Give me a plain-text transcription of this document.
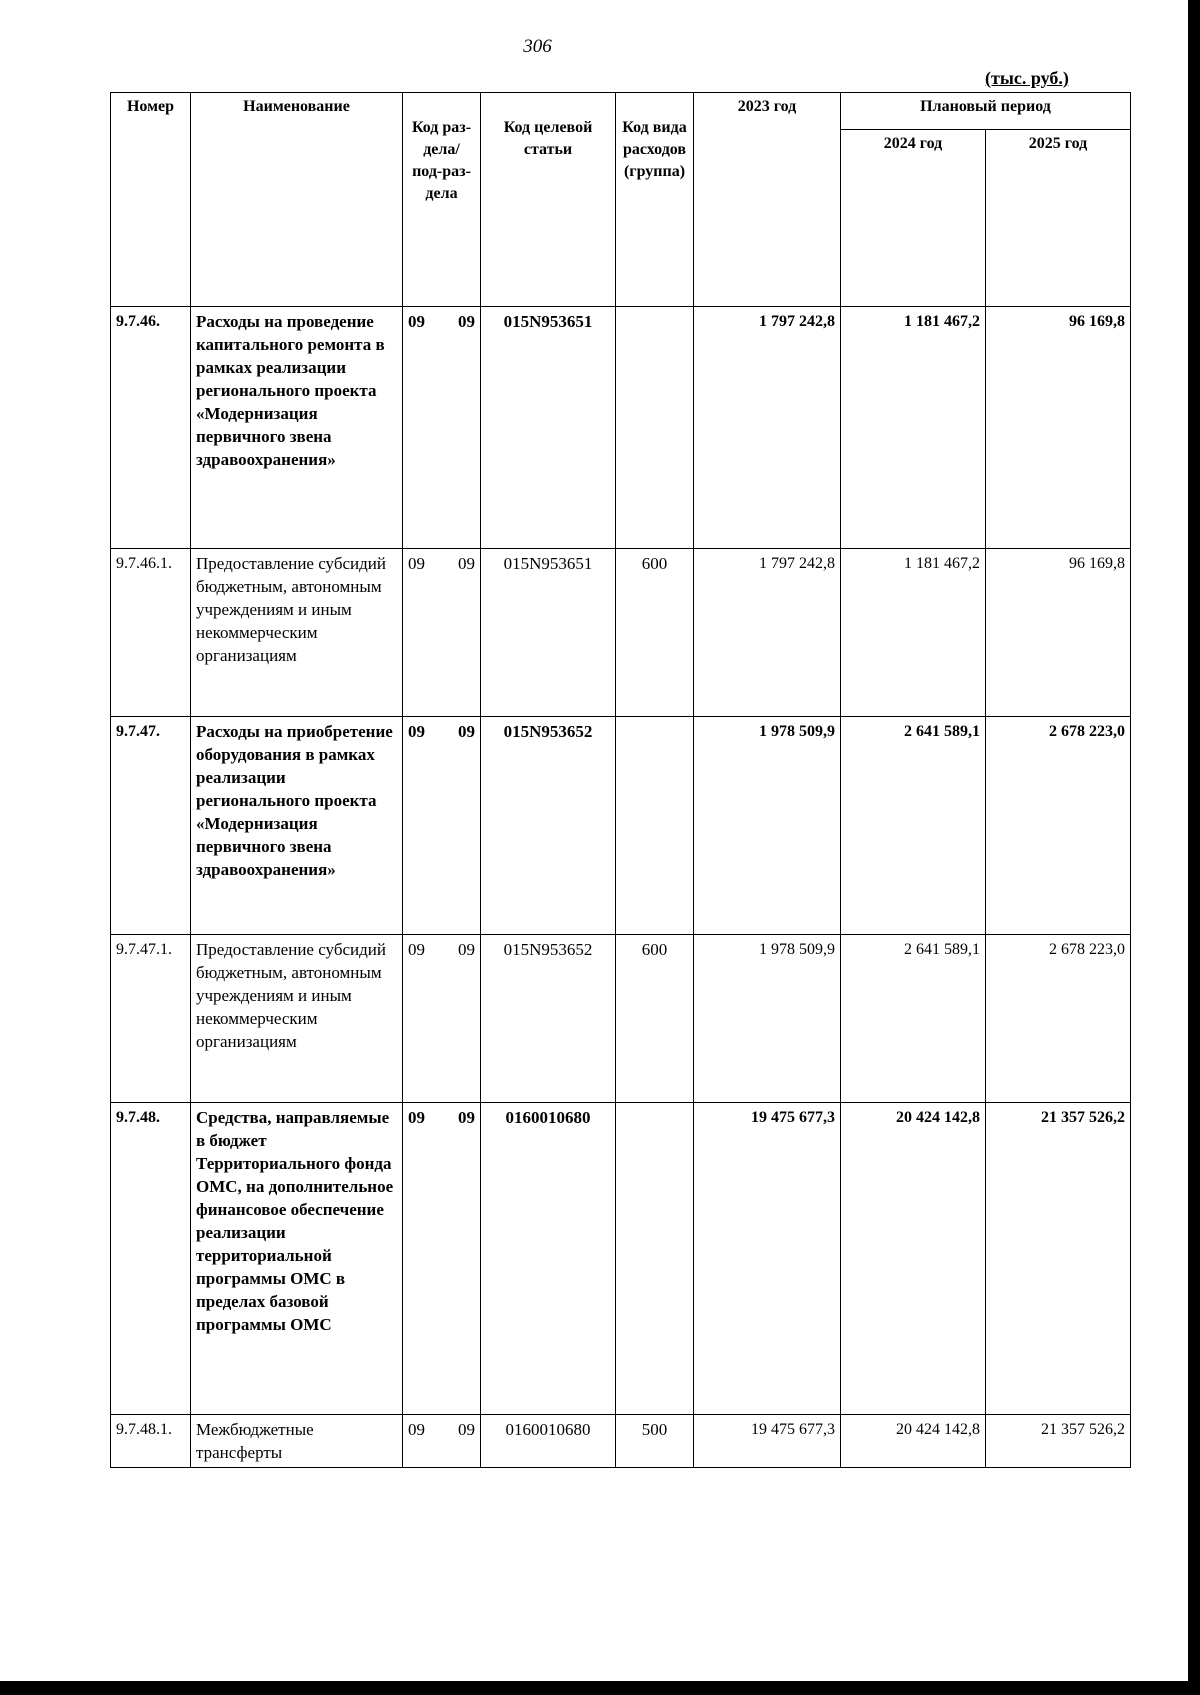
306
(тыс. руб.)
Номер	Наименование	Код раз-дела/ под-раз-дела	Код целевой статьи	Код вида расходов (группа)	2023 год	Плановый период	
						2024 год	2025 год
9.7.46.	Расходы на проведение капитального ремонта в рамках реализации регионального проекта «Модернизация первичного звена здравоохранения»	09 09	015N953651		1 797 242,8	1 181 467,2	96 169,8
9.7.46.1.	Предоставление субсидий бюджетным, автономным учреждениям и иным некоммерческим организациям	09 09	015N953651	600	1 797 242,8	1 181 467,2	96 169,8
9.7.47.	Расходы на приобретение оборудования в рамках реализации регионального проекта «Модернизация первичного звена здравоохранения»	09 09	015N953652		1 978 509,9	2 641 589,1	2 678 223,0
9.7.47.1.	Предоставление субсидий бюджетным, автономным учреждениям и иным некоммерческим организациям	09 09	015N953652	600	1 978 509,9	2 641 589,1	2 678 223,0
9.7.48.	Средства, направляемые в бюджет Территориального фонда ОМС, на дополнительное финансовое обеспечение реализации территориальной программы ОМС в пределах базовой программы ОМС	09 09	0160010680		19 475 677,3	20 424 142,8	21 357 526,2
9.7.48.1.	Межбюджетные трансферты	09 09	0160010680	500	19 475 677,3	20 424 142,8	21 357 526,2
